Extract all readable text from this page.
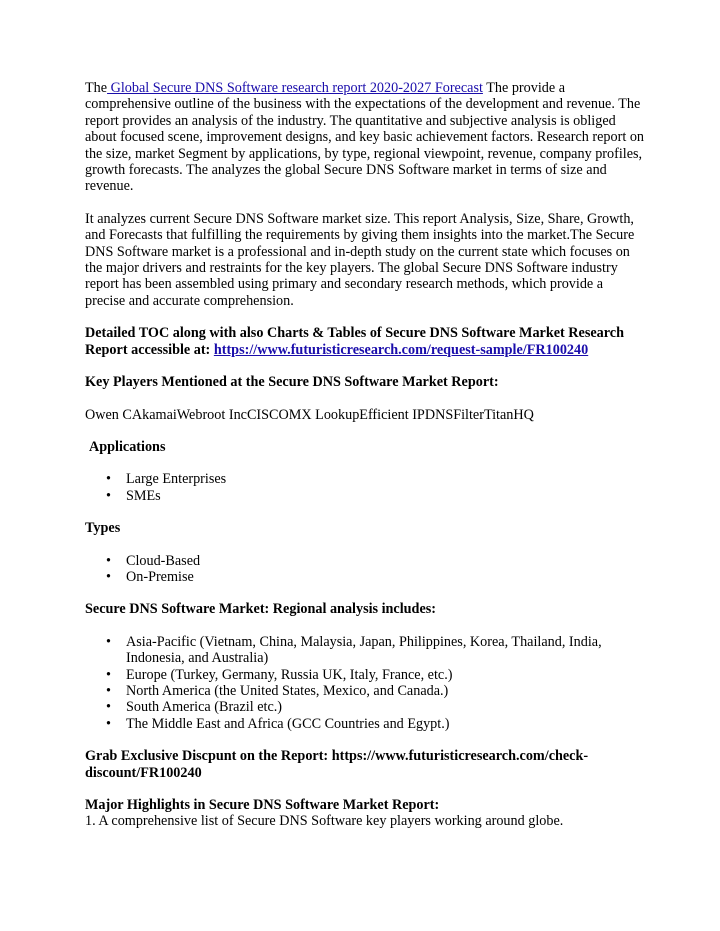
The Global Secure DNS Software research report 2020-2027 Forecast The provide a comprehensive outline of the business with the expectations of the development and revenue. The report provides an analysis of the industry. The quantitative and subjective analysis is obliged about focused scene, improvement designs, and key basic achievement factors. Research report on the size, market Segment by applications, by type, regional viewpoint, revenue, company profiles, growth forecasts. The analyzes the global Secure DNS Software market in terms of size and revenue.

It analyzes current Secure DNS Software market size. This report Analysis, Size, Share, Growth, and Forecasts that fulfilling the requirements by giving them insights into the market.The Secure DNS Software market is a professional and in-depth study on the current state which focuses on the major drivers and restraints for the key players. The global Secure DNS Software industry report has been assembled using primary and secondary research methods, which provide a precise and accurate comprehension.

Detailed TOC along with also Charts & Tables of Secure DNS Software Market Research Report accessible at: https://www.futuristicresearch.com/request-sample/FR100240

Key Players Mentioned at the Secure DNS Software Market Report:

Owen CAkamaiWebroot IncCISCOMX LookupEfficient IPDNSFilterTitanHQ

Applications

• Large Enterprises
• SMEs

Types

• Cloud-Based
• On-Premise

Secure DNS Software Market: Regional analysis includes:

• Asia-Pacific (Vietnam, China, Malaysia, Japan, Philippines, Korea, Thailand, India, Indonesia, and Australia)
• Europe (Turkey, Germany, Russia UK, Italy, France, etc.)
• North America (the United States, Mexico, and Canada.)
• South America (Brazil etc.)
• The Middle East and Africa (GCC Countries and Egypt.)

Grab Exclusive Discpunt on the Report: https://www.futuristicresearch.com/check-discount/FR100240

Major Highlights in Secure DNS Software Market Report:

1. A comprehensive list of Secure DNS Software key players working around globe.
